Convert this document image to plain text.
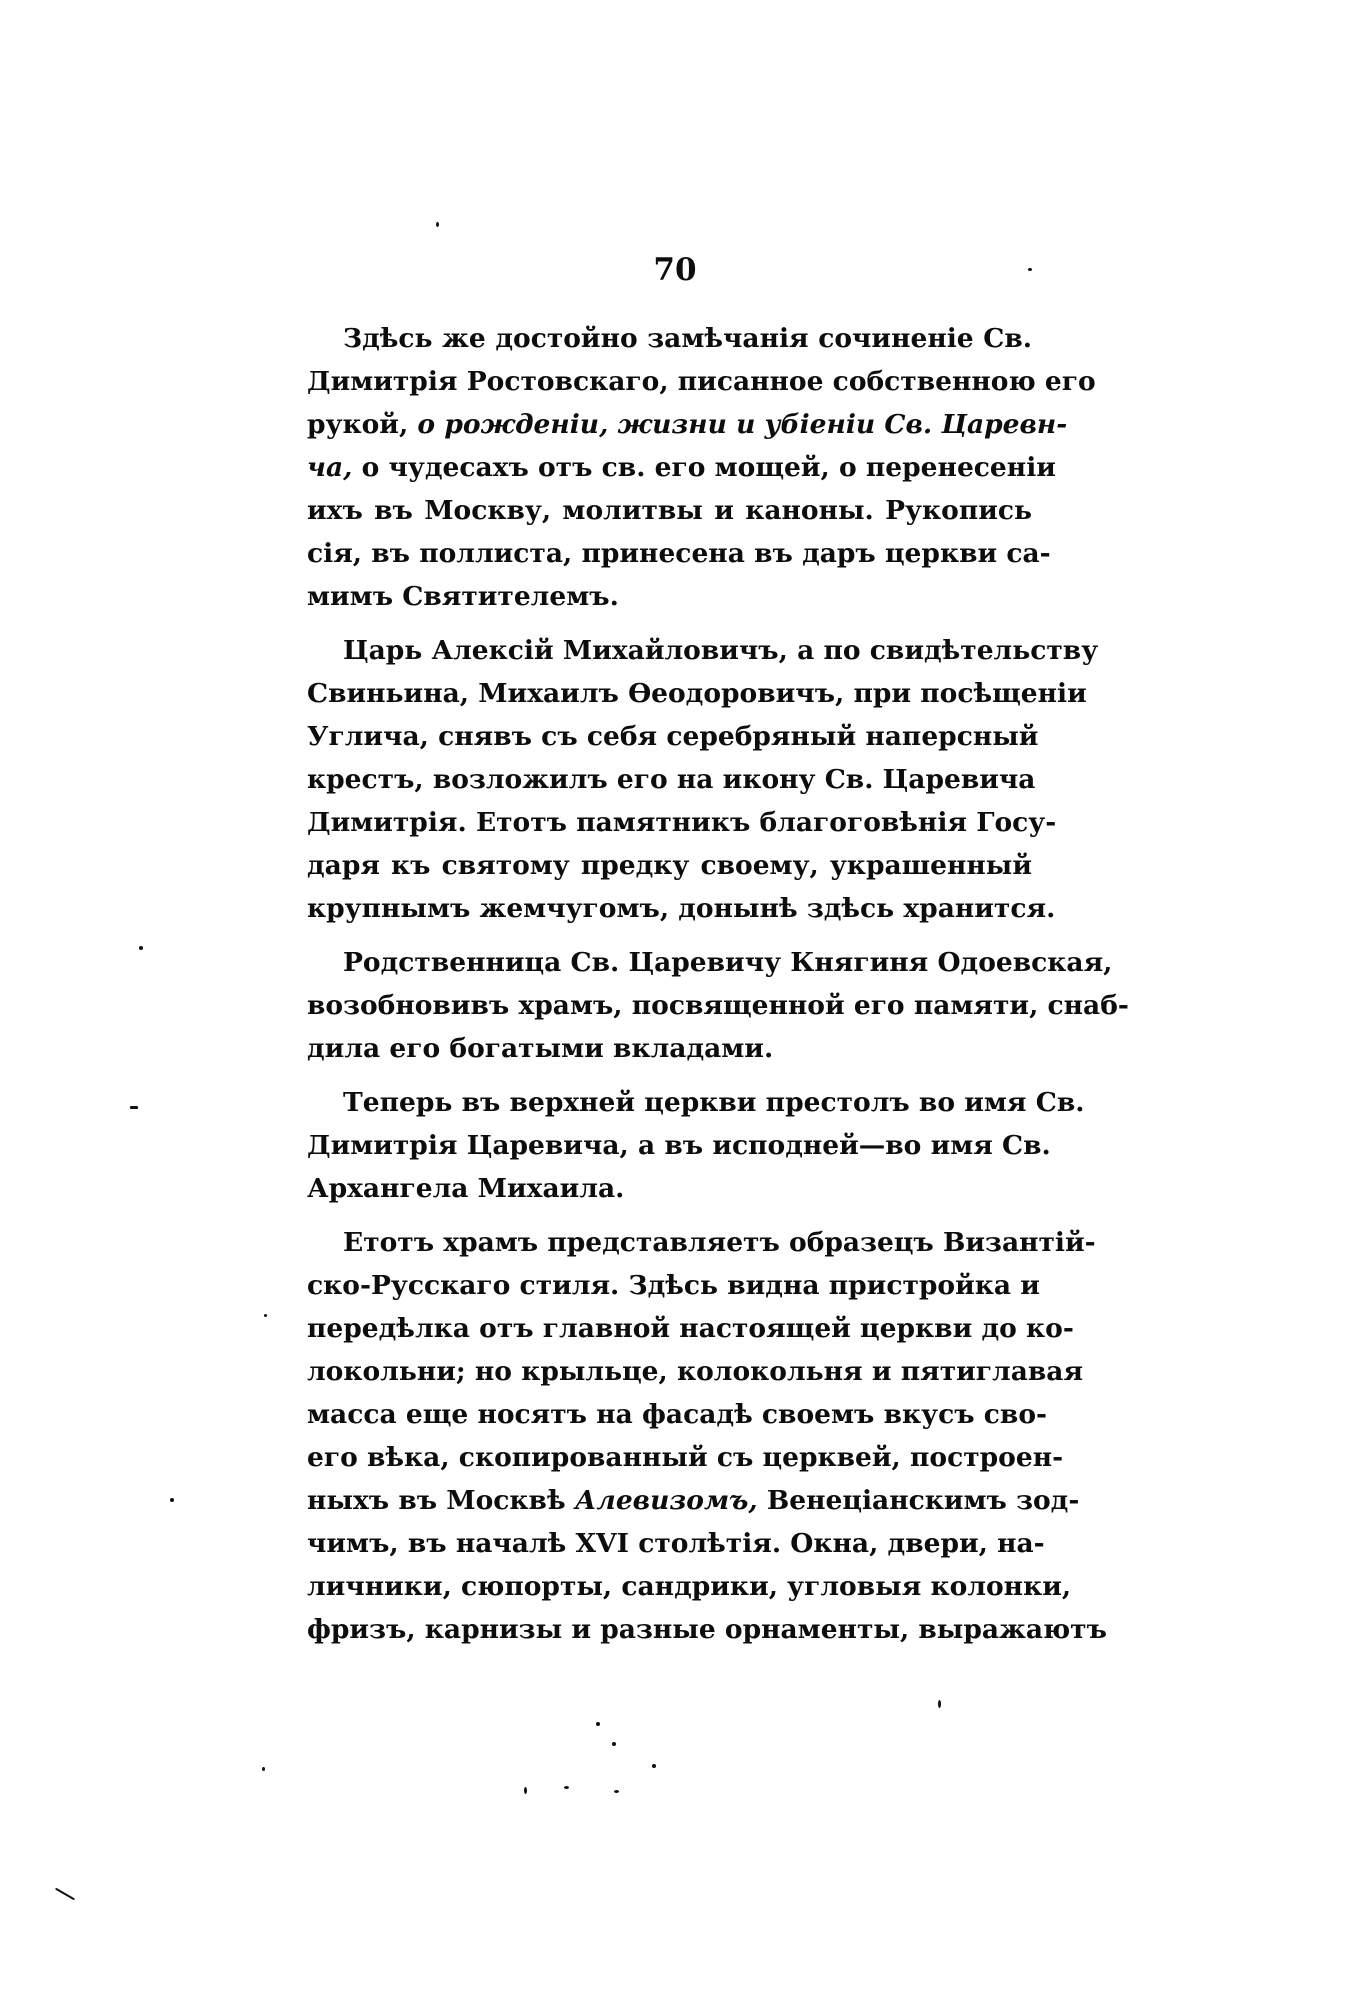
70
Здѣсь же достойно замѣчанія сочиненіе Св.
Димитрія Ростовскаго, писанное собственною его
рукой, о рожденіи, жизни и убіеніи Св. Царевн-
ча, о чудесахъ отъ св. его мощей, о перенесеніи
ихъ въ Москву, молитвы и каноны. Рукопись
сія, въ поллиста, принесена въ даръ церкви са-
мимъ Святителемъ.
Царь Алексій Михайловичъ, а по свидѣтельству
Свиньина, Михаилъ Ѳеодоровичъ, при посѣщеніи
Углича, снявъ съ себя серебряный наперсный
крестъ, возложилъ его на икону Св. Царевича
Димитрія. Етотъ памятникъ благоговѣнія Госу-
даря къ святому предку своему, украшенный
крупнымъ жемчугомъ, донынѣ здѣсь хранится.
Родственница Св. Царевичу Княгиня Одоевская,
возобновивъ храмъ, посвященной его памяти, снаб-
дила его богатыми вкладами.
Теперь въ верхней церкви престолъ во имя Св.
Димитрія Царевича, а въ исподней—во имя Св.
Архангела Михаила.
Етотъ храмъ представляетъ образецъ Византій-
ско-Русскаго стиля. Здѣсь видна пристройка и
передѣлка отъ главной настоящей церкви до ко-
локольни; но крыльце, колокольня и пятиглавая
масса еще носятъ на фасадѣ своемъ вкусъ сво-
его вѣка, скопированный съ церквей, построен-
ныхъ въ Москвѣ Алевизомъ, Венеціанскимъ зод-
чимъ, въ началѣ XVI столѣтія. Окна, двери, на-
личники, сюпорты, сандрики, угловыя колонки,
фризъ, карнизы и разные орнаменты, выражаютъ
